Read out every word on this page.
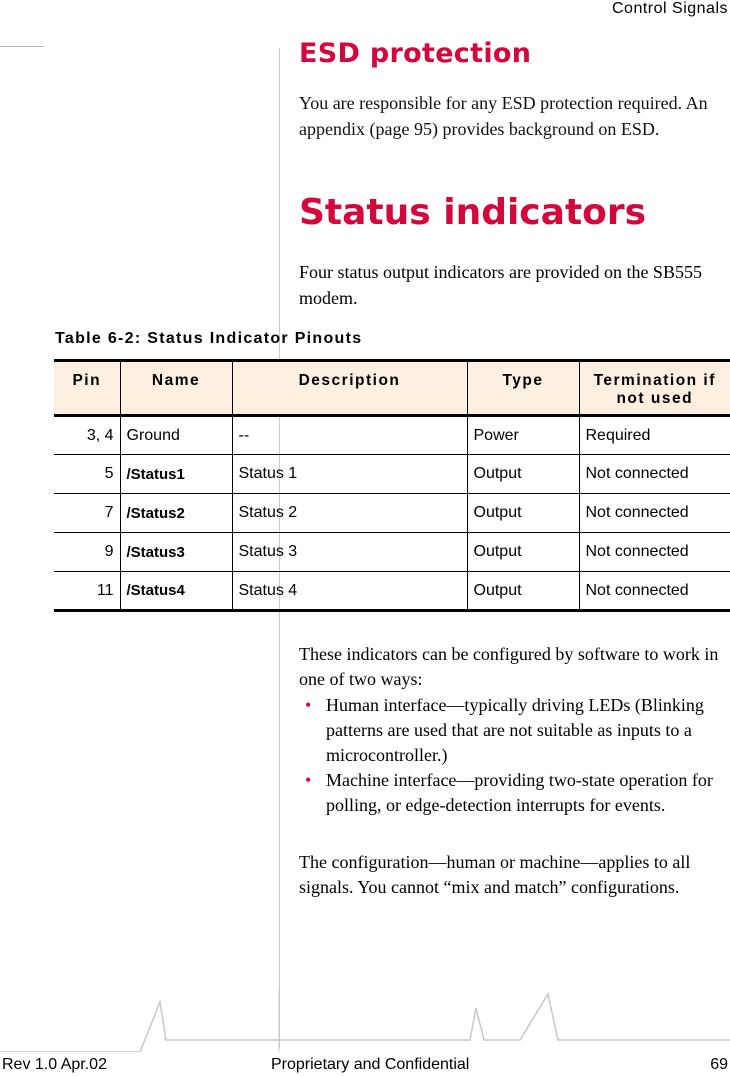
Control Signals
ESD protection

You are responsible for any ESD protection required. An appendix (page 95) provides background on ESD.

Status indicators

Four status output indicators are provided on the SB555 modem.

Table 6-2: Status Indicator Pinouts

Pin	Name	Description	Type	Termination if not used
3, 4	Ground	--	Power	Required
5	/Status1	Status 1	Output	Not connected
7	/Status2	Status 2	Output	Not connected
9	/Status3	Status 3	Output	Not connected
11	/Status4	Status 4	Output	Not connected

These indicators can be configured by software to work in one of two ways:

• Human interface—typically driving LEDs (Blinking patterns are used that are not suitable as inputs to a microcontroller.)
• Machine interface—providing two-state operation for polling, or edge-detection interrupts for events.

The configuration—human or machine—applies to all signals. You cannot “mix and match” configurations.

Rev 1.0 Apr.02	Proprietary and Confidential	69
